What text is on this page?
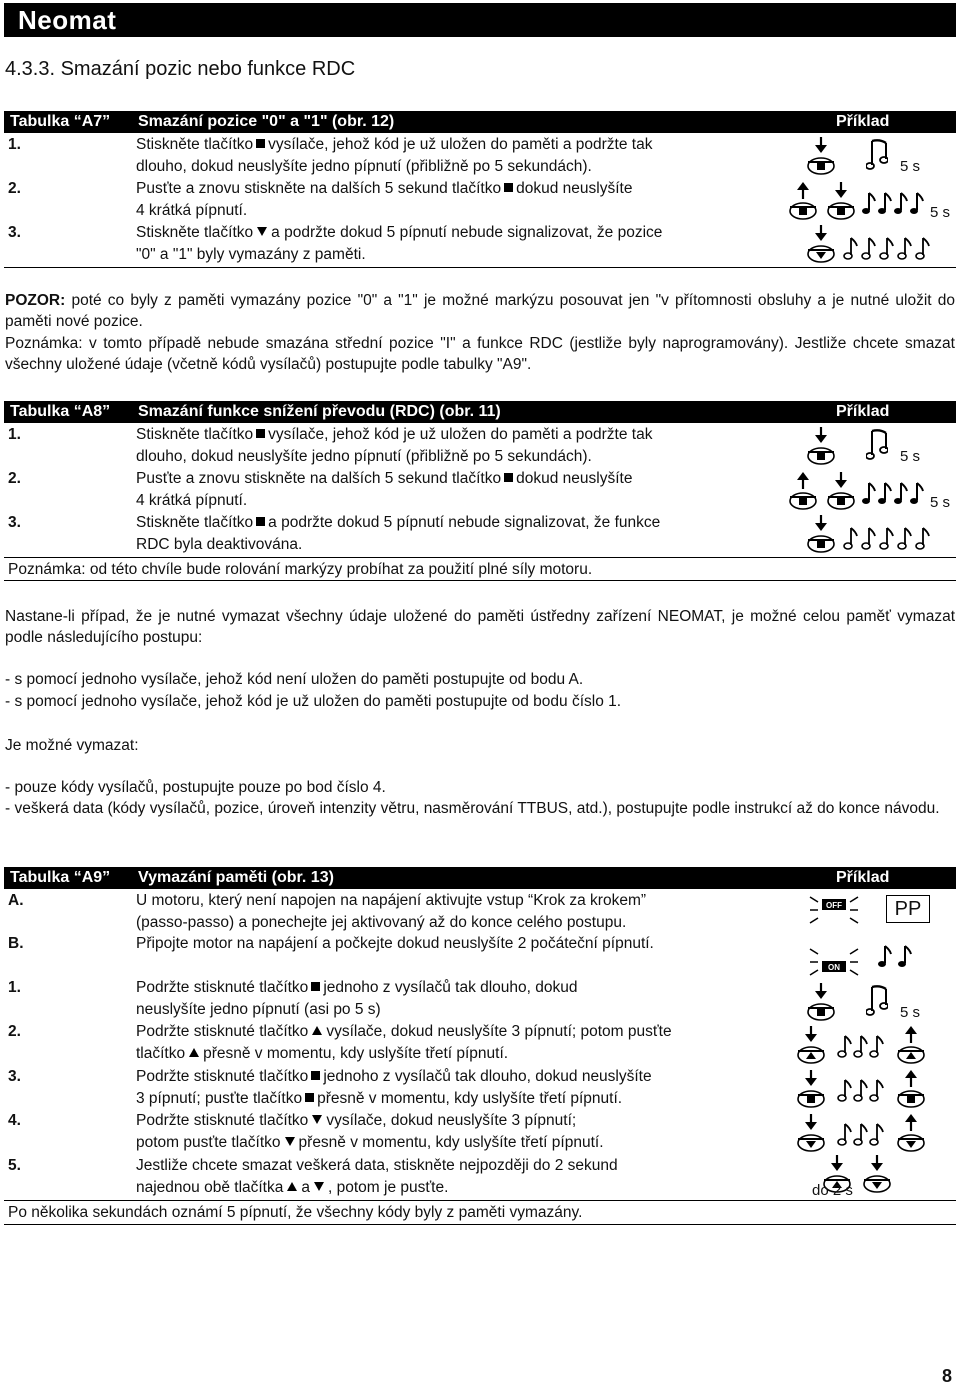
Neomat
4.3.3. Smazání pozic nebo funkce RDC
Tabulka “A7” Smazání pozice "0" a "1" (obr. 12)	Příklad
1.	Stiskněte tlačítko vysílače, jehož kód je už uložen do paměti a podržte tak
dlouho, dokud neuslyšíte jedno pípnutí (přibližně po 5 sekundách).
2.	Pusťte a znovu stiskněte na dalších 5 sekund tlačítko dokud neuslyšíte
4 krátká pípnutí.
3.	Stiskněte tlačítko a podržte dokud 5 pípnutí nebude signalizovat, že pozice
"0" a "1" byly vymazány z paměti.
5 s
5 s
POZOR: poté co byly z paměti vymazány pozice "0" a "1" je možné markýzu posouvat jen "v přítomnosti obsluhy a je nutné uložit do paměti nové pozice.
Poznámka: v tomto případě nebude smazána střední pozice "I" a funkce RDC (jestliže byly naprogramovány). Jestliže chcete smazat všechny uložené údaje (včetně kódů vysílačů) postupujte podle tabulky "A9".
Tabulka “A8” Smazání funkce snížení převodu (RDC) (obr. 11)	Příklad
1.	Stiskněte tlačítko vysílače, jehož kód je už uložen do paměti a podržte tak
dlouho, dokud neuslyšíte jedno pípnutí (přibližně po 5 sekundách).
2.	Pusťte a znovu stiskněte na dalších 5 sekund tlačítko dokud neuslyšíte
4 krátká pípnutí.
3.	Stiskněte tlačítko a podržte dokud 5 pípnutí nebude signalizovat, že funkce
RDC byla deaktivována.
Poznámka: od této chvíle bude rolování markýzy probíhat za použití plné síly motoru.
5 s
5 s
Nastane-li případ, že je nutné vymazat všechny údaje uložené do paměti ústředny zařízení NEOMAT, je možné celou paměť vymazat podle následujícího postupu:
- s pomocí jednoho vysílače, jehož kód není uložen do paměti postupujte od bodu A.
- s pomocí jednoho vysílače, jehož kód je už uložen do paměti postupujte od bodu číslo 1.
Je možné vymazat:
- pouze kódy vysílačů, postupujte pouze po bod číslo 4.
- veškerá data (kódy vysílačů, pozice, úroveň intenzity větru, nasměrování TTBUS, atd.), postupujte podle instrukcí až do konce návodu.
Tabulka “A9” Vymazání paměti (obr. 13)	Příklad
A.	U motoru, který není napojen na napájení aktivujte vstup “Krok za krokem”
(passo-passo) a ponechejte jej aktivovaný až do konce celého postupu.
B.	Připojte motor na napájení a počkejte dokud neuslyšíte 2 počáteční pípnutí.
1.	Podržte stisknuté tlačítko jednoho z vysílačů tak dlouho, dokud
neuslyšíte jedno pípnutí (asi po 5 s)
2.	Podržte stisknuté tlačítko vysílače, dokud neuslyšíte 3 pípnutí; potom pusťte
tlačítko přesně v momentu, kdy uslyšíte třetí pípnutí.
3.	Podržte stisknuté tlačítko jednoho z vysílačů tak dlouho, dokud neuslyšíte
3 pípnutí; pusťte tlačítko přesně v momentu, kdy uslyšíte třetí pípnutí.
4.	Podržte stisknuté tlačítko vysílače, dokud neuslyšíte 3 pípnutí;
potom pusťte tlačítko přesně v momentu, kdy uslyšíte třetí pípnutí.
5.	Jestliže chcete smazat veškerá data, stiskněte nejpozději do 2 sekund
najednou obě tlačítka a , potom je pusťte.
Po několika sekundách oznámí 5 pípnutí, že všechny kódy byly z paměti vymazány.
OFF	PP
ON
5 s
do 2 s
8
